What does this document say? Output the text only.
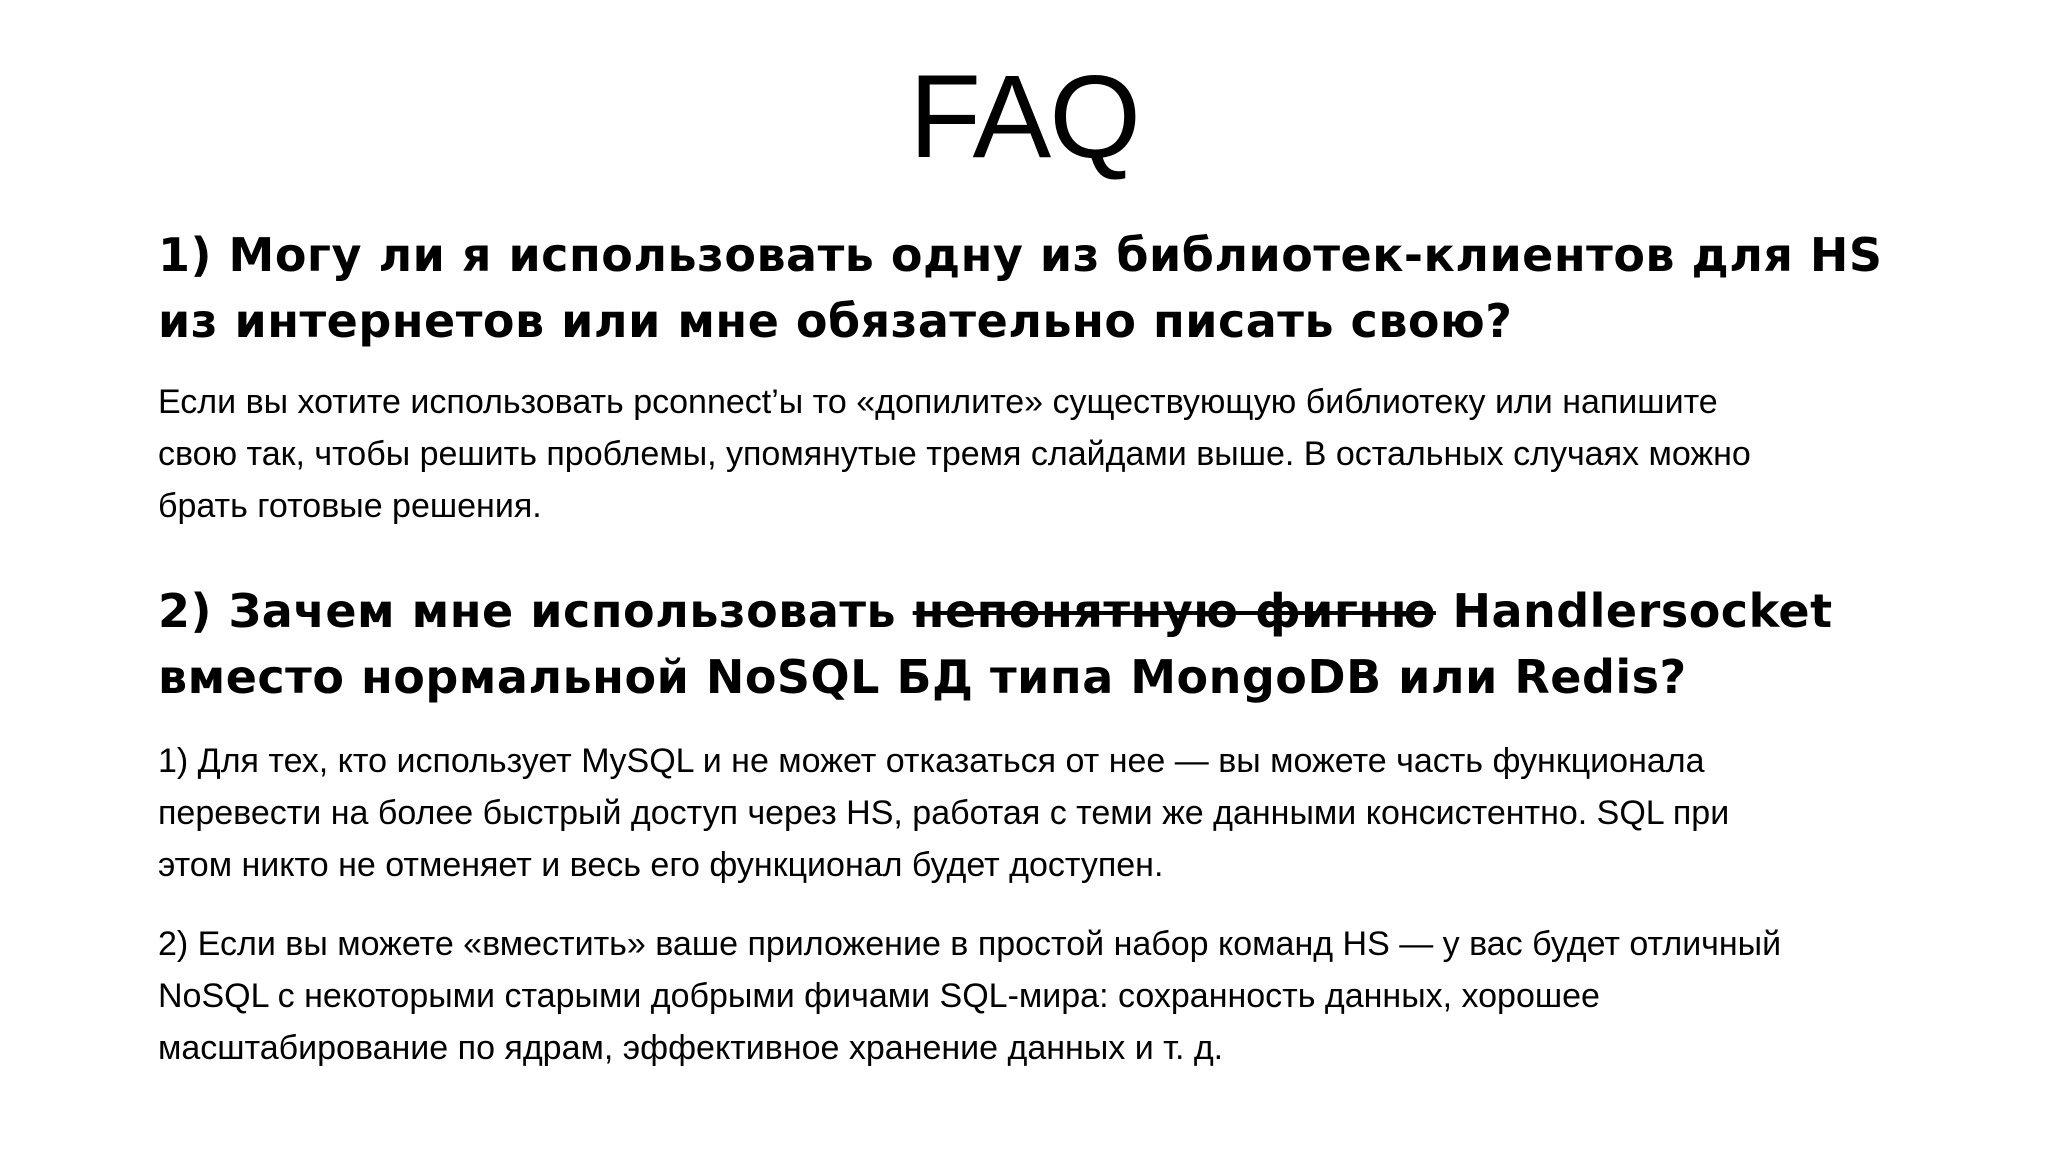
FAQ
1) Могу ли я использовать одну из библиотек-клиентов для HS
из интернетов или мне обязательно писать свою?

Если вы хотите использовать pconnect’ы то «допилите» существующую библиотеку или напишите
свою так, чтобы решить проблемы, упомянутые тремя слайдами выше. В остальных случаях можно
брать готовые решения.

2) Зачем мне использовать непонятную фигню Handlersocket
вместо нормальной NoSQL БД типа MongoDB или Redis?

1) Для тех, кто использует MySQL и не может отказаться от нее — вы можете часть функционала
перевести на более быстрый доступ через HS, работая с теми же данными консистентно. SQL при
этом никто не отменяет и весь его функционал будет доступен.

2) Если вы можете «вместить» ваше приложение в простой набор команд HS — у вас будет отличный
NoSQL с некоторыми старыми добрыми фичами SQL-мира: сохранность данных, хорошее
масштабирование по ядрам, эффективное хранение данных и т. д.
